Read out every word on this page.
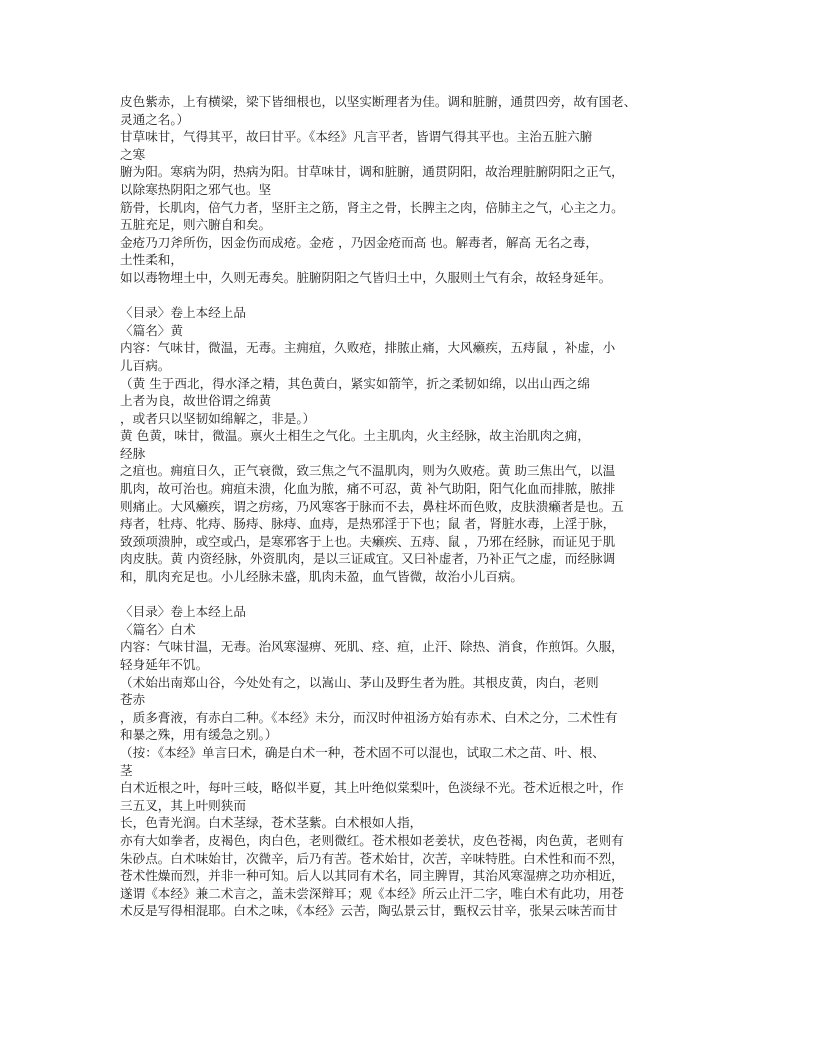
皮色紫赤，上有横梁，梁下皆细根也，以坚实断理者为佳。调和脏腑，通贯四旁，故有国老、
灵通之名。）
甘草味甘，气得其平，故曰甘平。《本经》凡言平者，皆谓气得其平也。主治五脏六腑
之寒
腑为阳。寒病为阴，热病为阳。甘草味甘，调和脏腑，通贯阴阳，故治理脏腑阴阳之正气，
以除寒热阴阳之邪气也。坚
筋骨，长肌肉，倍气力者，坚肝主之筋，肾主之骨，长脾主之肉，倍肺主之气，心主之力。
五脏充足，则六腑自和矣。
金疮乃刀斧所伤，因金伤而成疮。金疮 ，乃因金疮而高 也。解毒者，解高 无名之毒，
土性柔和，
如以毒物埋土中，久则无毒矣。脏腑阴阳之气皆归土中，久服则土气有余，故轻身延年。
〈目录〉卷上本经上品
〈篇名〉黄
内容：气味甘，微温，无毒。主痈疽，久败疮，排脓止痛，大风癞疾，五痔鼠 ，补虚，小
儿百病。
（黄 生于西北，得水泽之精，其色黄白，紧实如箭竿，折之柔韧如绵，以出山西之绵
上者为良，故世俗谓之绵黄
，或者只以坚韧如绵解之，非是。）
黄 色黄，味甘，微温。禀火土相生之气化。土主肌肉，火主经脉，故主治肌肉之痈，
经脉
之疽也。痈疽日久，正气衰微，致三焦之气不温肌肉，则为久败疮。黄 助三焦出气，以温
肌肉，故可治也。痈疽未溃，化血为脓，痛不可忍，黄 补气助阳，阳气化血而排脓，脓排
则痛止。大风癞疾，谓之疠疡，乃风寒客于脉而不去，鼻柱坏而色败，皮肤溃癞者是也。五
痔者，牡痔、牝痔、肠痔、脉痔、血痔，是热邪淫于下也；鼠 者，肾脏水毒，上淫于脉，
致颈项溃肿，或空或凸，是寒邪客于上也。夫癞疾、五痔、鼠 ，乃邪在经脉，而证见于肌
肉皮肤。黄 内资经脉，外资肌肉，是以三证咸宜。又曰补虚者，乃补正气之虚，而经脉调
和，肌肉充足也。小儿经脉未盛，肌肉未盈，血气皆微，故治小儿百病。
〈目录〉卷上本经上品
〈篇名〉白术
内容：气味甘温，无毒。治风寒湿痹、死肌、痉、疸，止汗、除热、消食，作煎饵。久服，
轻身延年不饥。
（术始出南郑山谷，今处处有之，以嵩山、茅山及野生者为胜。其根皮黄，肉白，老则
苍赤
，质多膏液，有赤白二种。《本经》未分，而汉时仲祖汤方始有赤术、白术之分，二术性有
和暴之殊，用有缓急之别。）
（按：《本经》单言曰术，确是白术一种，苍术固不可以混也，试取二术之苗、叶、根、
茎
白术近根之叶，每叶三岐，略似半夏，其上叶绝似棠梨叶，色淡绿不光。苍术近根之叶，作
三五叉，其上叶则狭而
长，色青光润。白术茎绿，苍术茎紫。白术根如人指，
亦有大如拳者，皮褐色，肉白色，老则微红。苍术根如老姜状，皮色苍褐，肉色黄，老则有
朱砂点。白术味始甘，次微辛，后乃有苦。苍术始甘，次苦，辛味特胜。白术性和而不烈，
苍术性燥而烈，并非一种可知。后人以其同有术名，同主脾胃，其治风寒湿痹之功亦相近，
遂谓《本经》兼二术言之，盖未尝深辩耳；观《本经》所云止汗二字，唯白术有此功，用苍
术反是写得相混耶。白术之味，《本经》云苦，陶弘景云甘，甄权云甘辛，张杲云味苦而甘
